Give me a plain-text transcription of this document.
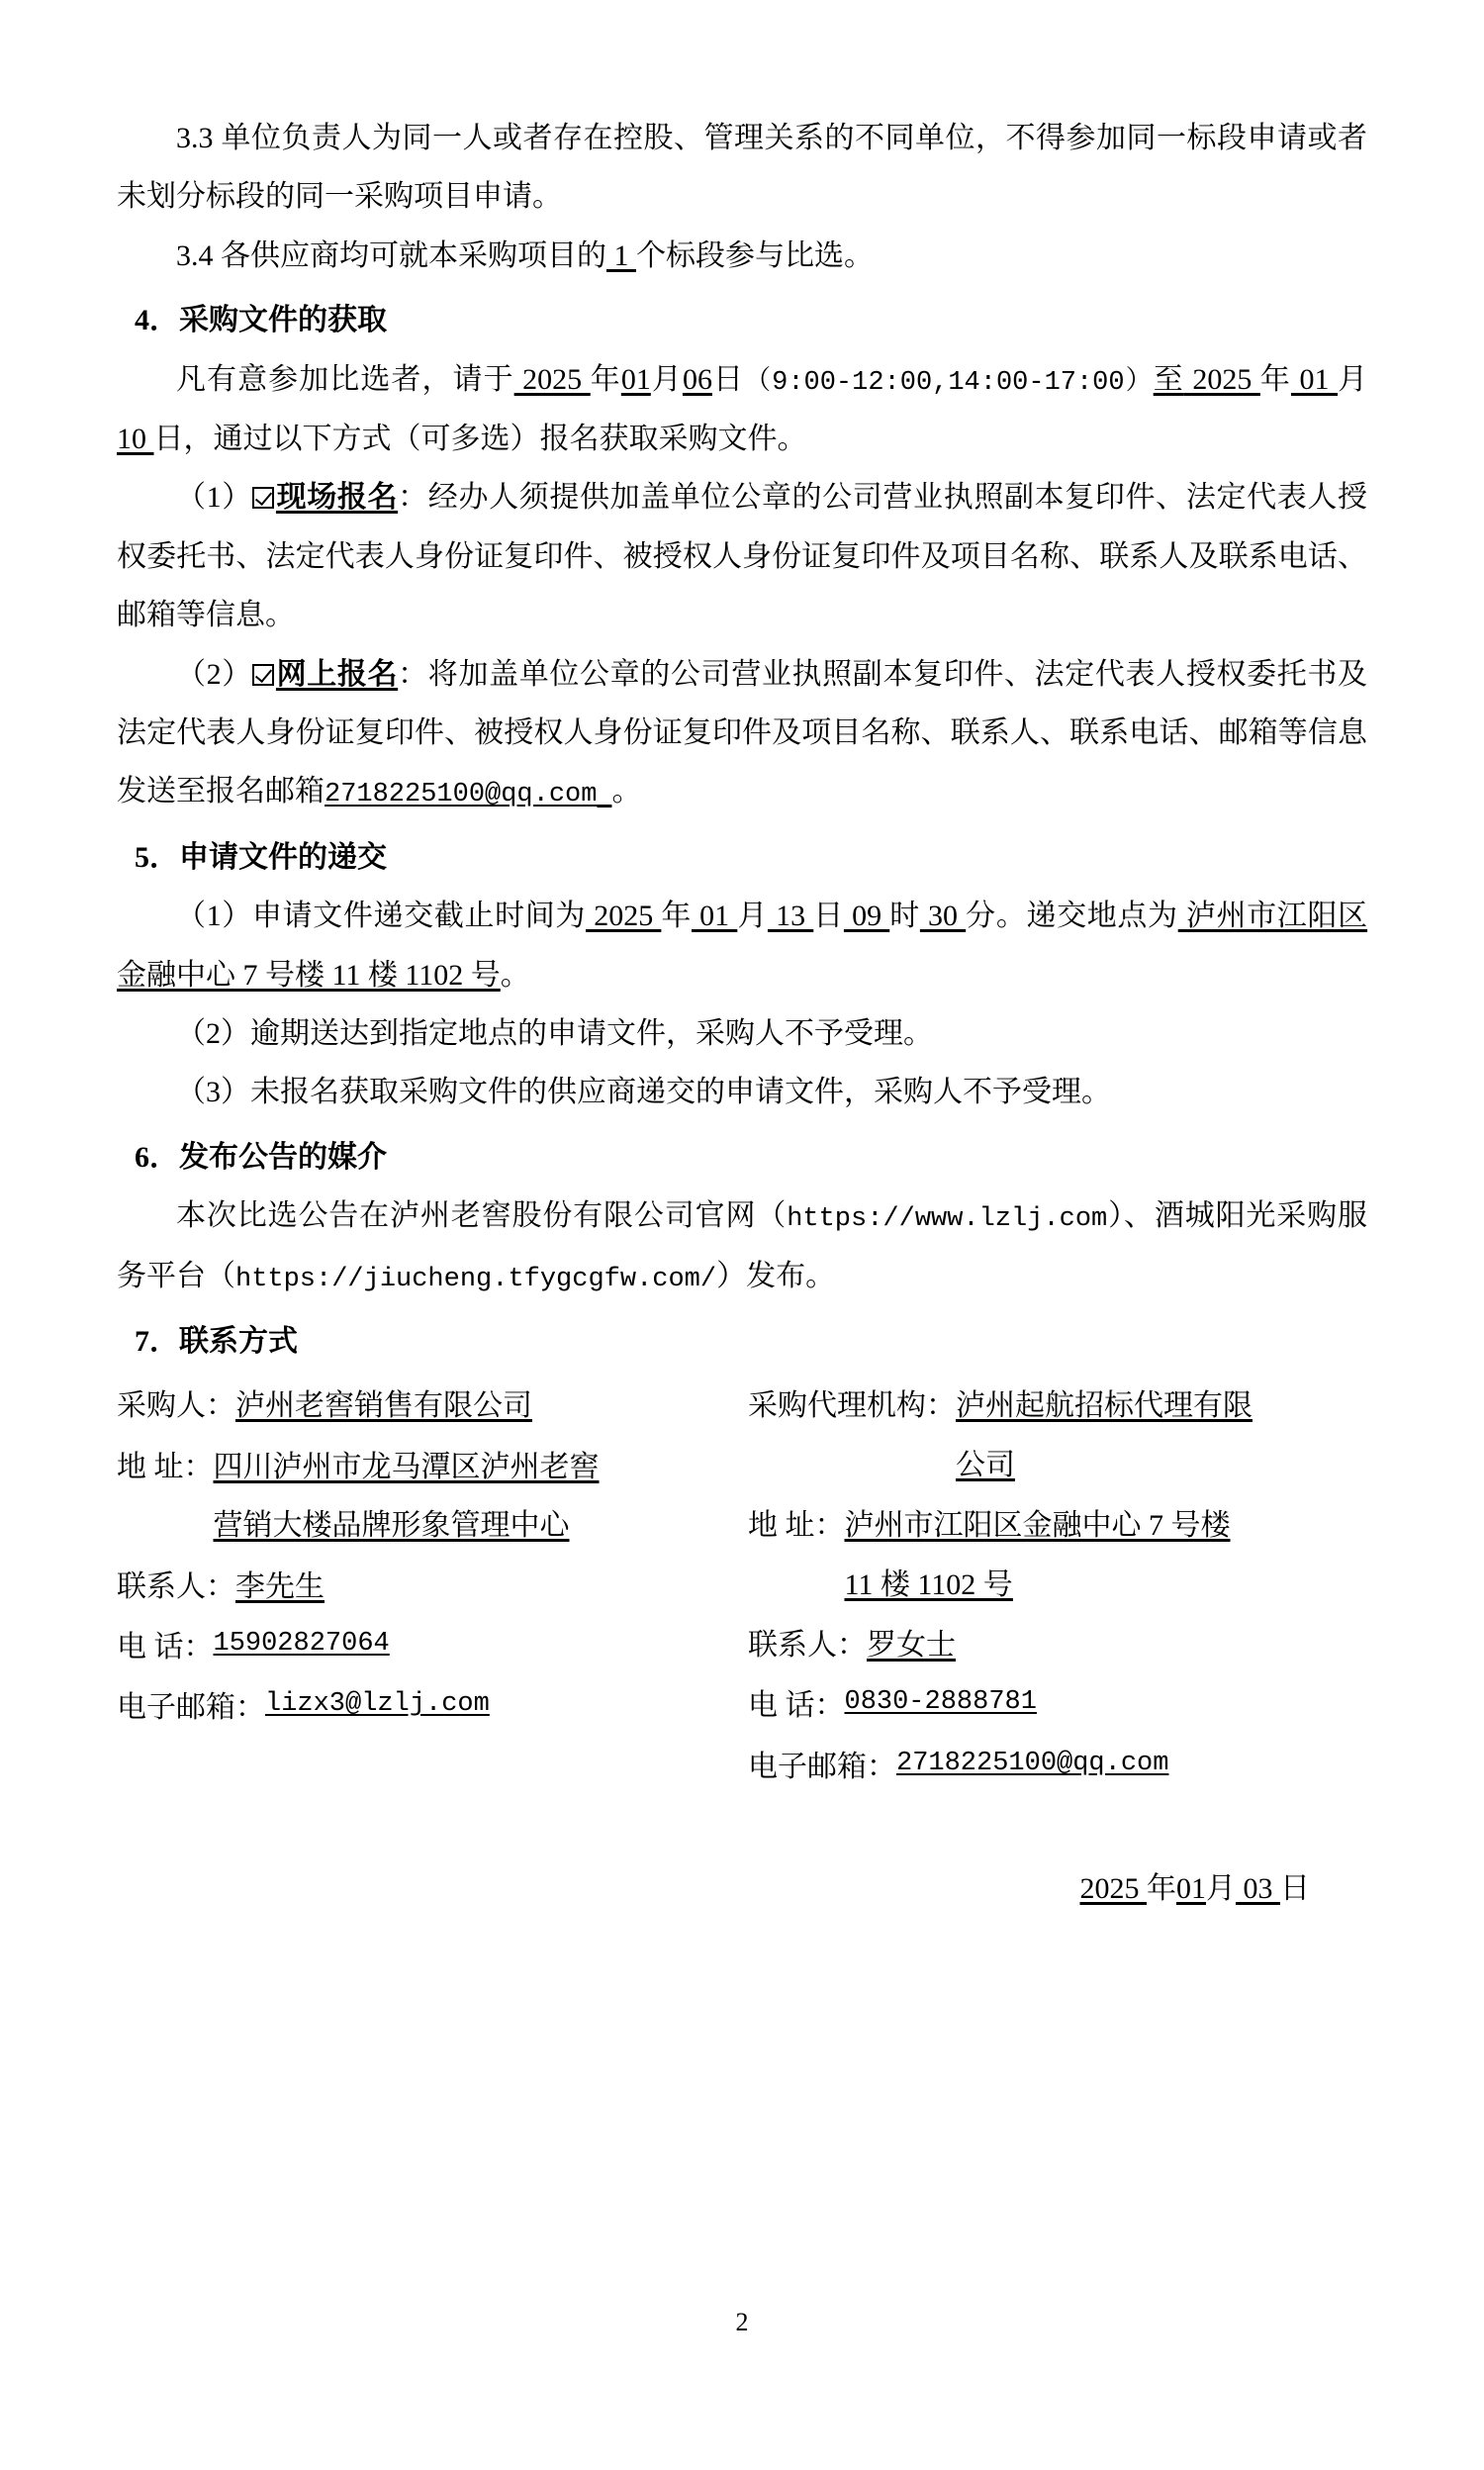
3.3 单位负责人为同一人或者存在控股、管理关系的不同单位，不得参加同一标段申请或者未划分标段的同一采购项目申请。

3.4 各供应商均可就本采购项目的 1 个标段参与比选。

4．采购文件的获取

凡有意参加比选者，请于 2025 年01月06日（9:00-12:00,14:00-17:00）至 2025 年 01 月 10 日，通过以下方式（可多选）报名获取采购文件。

（1） 现场报名：经办人须提供加盖单位公章的公司营业执照副本复印件、法定代表人授权委托书、法定代表人身份证复印件、被授权人身份证复印件及项目名称、联系人及联系电话、邮箱等信息。

（2） 网上报名：将加盖单位公章的公司营业执照副本复印件、法定代表人授权委托书及法定代表人身份证复印件、被授权人身份证复印件及项目名称、联系人、联系电话、邮箱等信息发送至报名邮箱2718225100@qq.com 。

5．申请文件的递交

（1）申请文件递交截止时间为 2025 年 01 月 13 日 09 时 30 分。递交地点为 泸州市江阳区金融中心 7 号楼 11 楼 1102 号。

（2）逾期送达到指定地点的申请文件，采购人不予受理。

（3）未报名获取采购文件的供应商递交的申请文件，采购人不予受理。

6．发布公告的媒介

本次比选公告在泸州老窖股份有限公司官网（https://www.lzlj.com）、酒城阳光采购服务平台（https://jiucheng.tfygcgfw.com/）发布。

7．联系方式

采购人： 泸州老窖销售有限公司
地 址： 四川泸州市龙马潭区泸州老窖
营销大楼品牌形象管理中心
联系人： 李先生
电 话： 15902827064
电子邮箱： lizx3@lzlj.com
采购代理机构： 泸州起航招标代理有限
公司
地 址： 泸州市江阳区金融中心 7 号楼
11 楼 1102 号
联系人： 罗女士
电 话： 0830-2888781
电子邮箱： 2718225100@qq.com
2025 年01月 03 日
2
